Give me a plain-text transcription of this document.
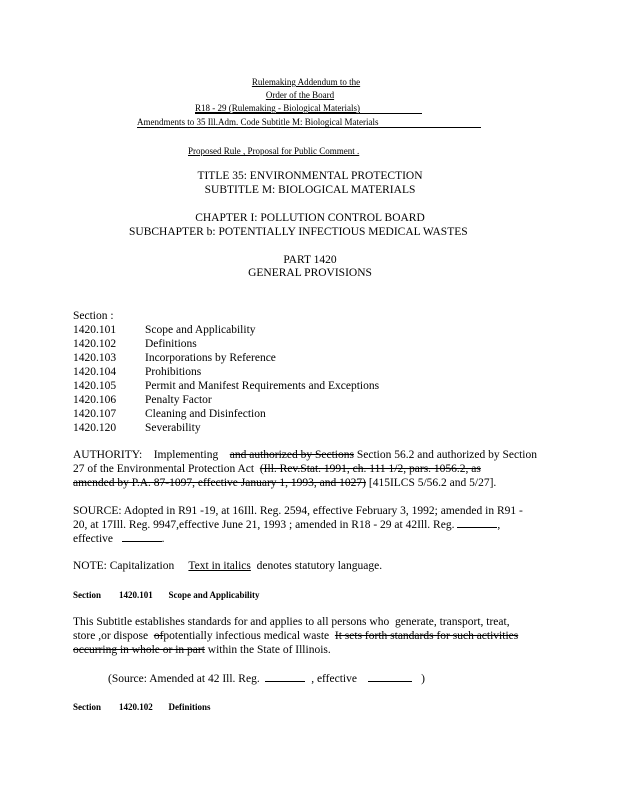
Rulemaking Addendum to the
Order of the Board
R18 - 29 (Rulemaking - Biological Materials)
Amendments to 35 Ill.Adm. Code Subtitle M: Biological Materials
Proposed Rule , Proposal for Public Comment .
TITLE 35: ENVIRONMENTAL PROTECTION
SUBTITLE M: BIOLOGICAL MATERIALS
CHAPTER I: POLLUTION CONTROL BOARD
SUBCHAPTER b: POTENTIALLY INFECTIOUS MEDICAL WASTES
PART 1420
GENERAL PROVISIONS
Section :
1420.101	Scope and Applicability
1420.102	Definitions
1420.103	Incorporations by Reference
1420.104	Prohibitions
1420.105	Permit and Manifest Requirements and Exceptions
1420.106	Penalty Factor
1420.107	Cleaning and Disinfection
1420.120	Severability
AUTHORITY: Implementing and authorized by Sections Section 56.2 and authorized by Section
27 of the Environmental Protection Act (Ill. Rev.Stat. 1991, ch. 111 1/2, pars. 1056.2, as
amended by P.A. 87-1097, effective January 1, 1993, and 1027) [415ILCS 5/56.2 and 5/27].
SOURCE: Adopted in R91 -19, at 16Ill. Reg. 2594, effective February 3, 1992; amended in R91 -
20, at 17Ill. Reg. 9947,effective June 21, 1993 ; amended in R18 - 29 at 42Ill. Reg.	,
effective	.
NOTE: Capitalization Text in italics denotes statutory language.
Section 1420.101 Scope and Applicability
This Subtitle establishes standards for and applies to all persons who generate, transport, treat,
store ,or dispose ofpotentially infectious medical waste It sets forth standards for such activities
occurring in whole or in part within the State of Illinois.
(Source: Amended at 42 Ill. Reg.	, effective	)
Section 1420.102 Definitions
